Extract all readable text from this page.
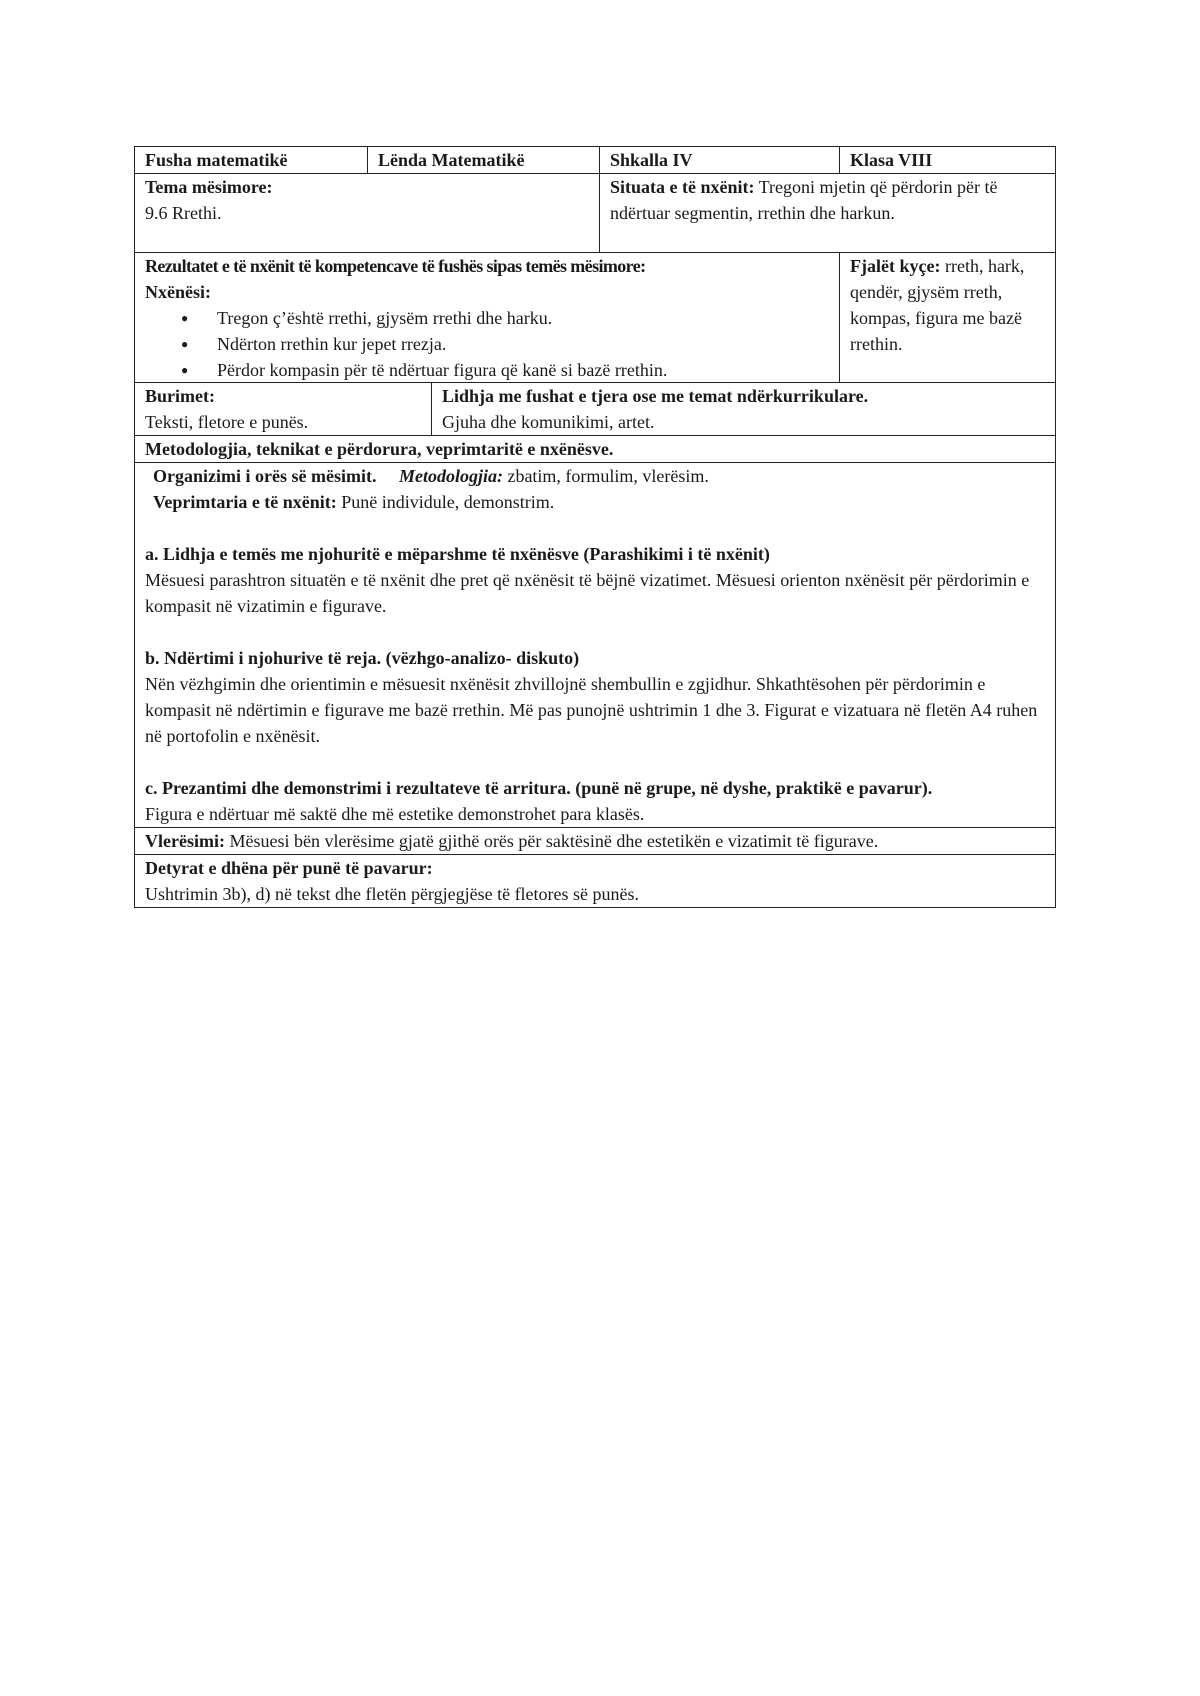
Fusha matematikë	Lënda Matematikë	Shkalla IV	Klasa VIII
Tema mësimore:
9.6 Rrethi.
Situata e të nxënit: Tregoni mjetin që përdorin për të ndërtuar segmentin, rrethin dhe harkun.
Rezultatet e të nxënit të kompetencave të fushës sipas temës mësimore:
Nxënësi:
● Tregon ç’është rrethi, gjysëm rrethi dhe harku.
● Ndërton rrethin kur jepet rrezja.
● Përdor kompasin për të ndërtuar figura që kanë si bazë rrethin.
Fjalët kyçe: rreth, hark, qendër, gjysëm rreth, kompas, figura me bazë rrethin.
Burimet:
Teksti, fletore e punës.
Lidhja me fushat e tjera ose me temat ndërkurrikulare.
Gjuha dhe komunikimi, artet.
Metodologjia, teknikat e përdorura, veprimtaritë e nxënësve.
Organizimi i orës së mësimit. Metodologjia: zbatim, formulim, vlerësim.
Veprimtaria e të nxënit: Punë individule, demonstrim.
a. Lidhja e temës me njohuritë e mëparshme të nxënësve (Parashikimi i të nxënit)
Mësuesi parashtron situatën e të nxënit dhe pret që nxënësit të bëjnë vizatimet. Mësuesi orienton nxënësit për përdorimin e kompasit në vizatimin e figurave.
b. Ndërtimi i njohurive të reja. (vëzhgo-analizo- diskuto)
Nën vëzhgimin dhe orientimin e mësuesit nxënësit zhvillojnë shembullin e zgjidhur. Shkathtësohen për përdorimin e kompasit në ndërtimin e figurave me bazë rrethin. Më pas punojnë ushtrimin 1 dhe 3. Figurat e vizatuara në fletën A4 ruhen në portofolin e nxënësit.
c. Prezantimi dhe demonstrimi i rezultateve të arritura. (punë në grupe, në dyshe, praktikë e pavarur).
Figura e ndërtuar më saktë dhe më estetike demonstrohet para klasës.
Vlerësimi: Mësuesi bën vlerësime gjatë gjithë orës për saktësinë dhe estetikën e vizatimit të figurave.
Detyrat e dhëna për punë të pavarur:
Ushtrimin 3b), d) në tekst dhe fletën përgjegjëse të fletores së punës.
